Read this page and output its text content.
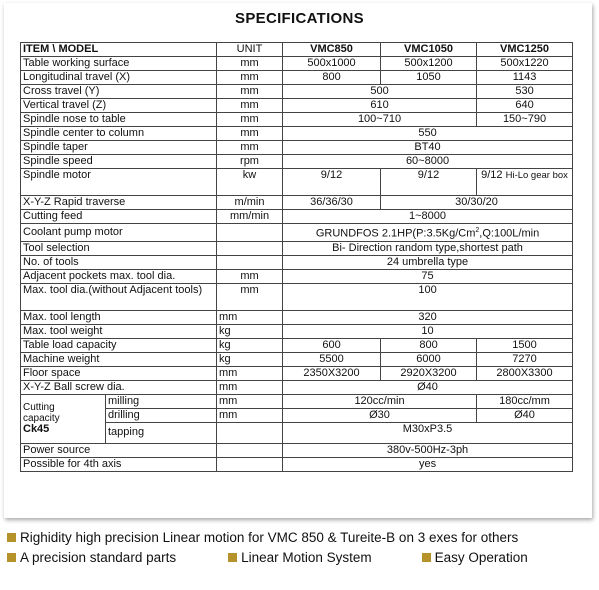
SPECIFICATIONS
ITEM \ MODEL		UNIT	VMC850	VMC1050	VMC1250
Table working surface		mm	500x1000	500x1200	500x1220
Longitudinal travel (X)		mm	800	1050	1143
Cross travel (Y)		mm	500		530
Vertical travel (Z)		mm	610		640
Spindle nose to table		mm	100~710		150~790
Spindle center to column		mm	550		
Spindle taper		mm	BT40		
Spindle speed		rpm	60~8000		
Spindle motor		kw	9/12	9/12	9/12 Hi-Lo gear box
X-Y-Z Rapid traverse		m/min	36/36/30	30/30/20	
Cutting feed		mm/min	1~8000		
Coolant pump motor			GRUNDFOS 2.1HP(P:3.5Kg/Cm$^2$,Q:100L/min		
Tool selection			Bi- Direction random type,shortest path		
No. of tools			24 umbrella type		
Adjacent pockets max. tool dia.		mm	75		
Max. tool dia.(without Adjacent tools)		mm	100		
Max. tool length		mm	320		
Max. tool weight		kg	10		
Table load capacity		kg	600	800	1500
Machine weight		kg	5500	6000	7270
Floor space		mm	2350X3200	2920X3200	2800X3300
X-Y-Z Ball screw dia.		mm	Ø40		

Cutting
capacity
Ck45	milling	mm	120cc/min		180cc/mm
	drilling	mm	Ø30		Ø40
	tapping		M30xP3.5		
Power source			380v-500Hz-3ph		
Possible for 4th axis			yes		
Righidity high precision Linear motion for VMC 850 & Tureite-B on 3 exes for others
A precision standard parts	Linear Motion System	Easy Operation
